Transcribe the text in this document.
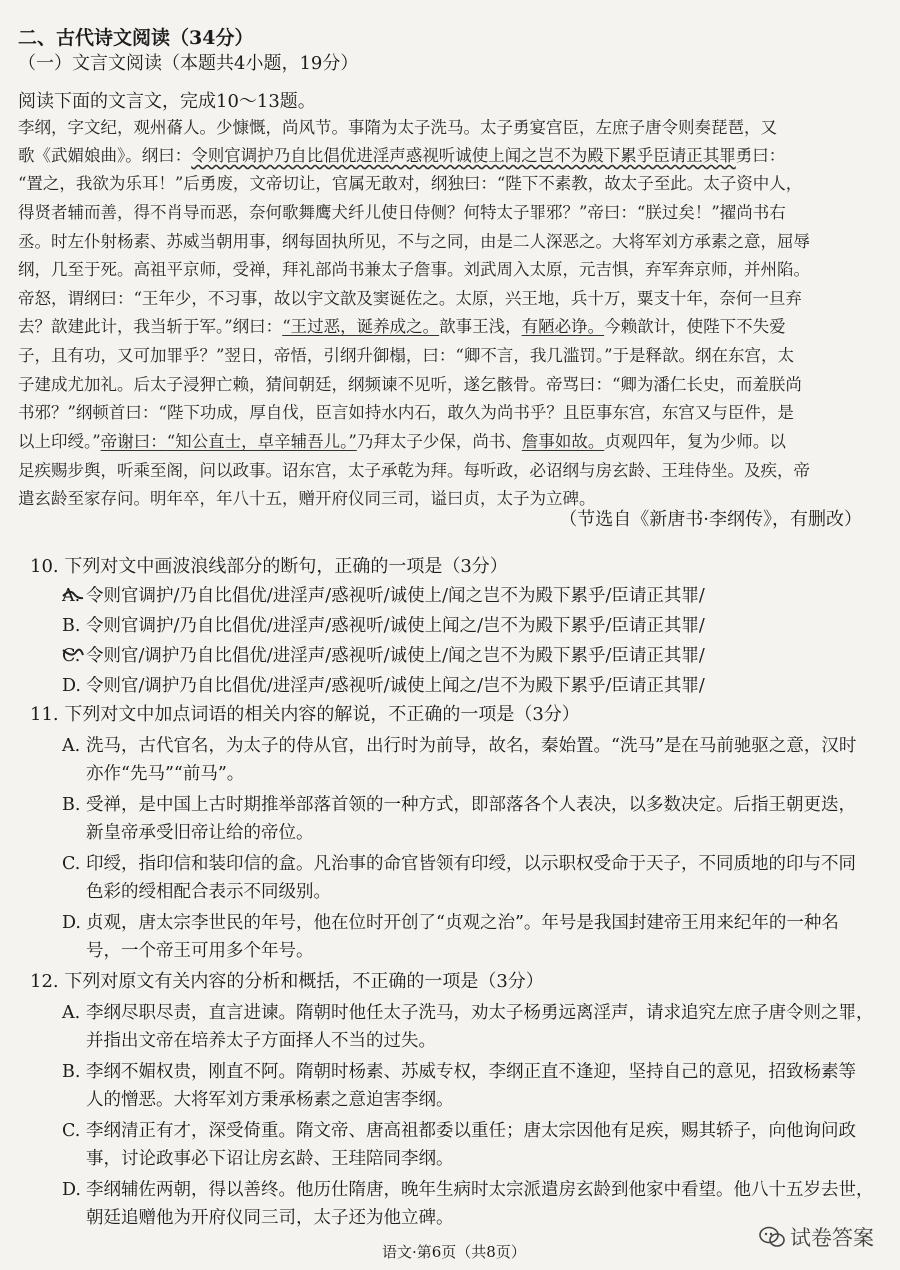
二、古代诗文阅读（34分）
（一）文言文阅读（本题共4小题，19分）
阅读下面的文言文，完成10～13题。
李纲，字文纪，观州蓨人。少慷慨，尚风节。事隋为太子洗马。太子勇宴宫臣，左庶子唐令则奏琵琶，又
歌《武媚娘曲》。纲曰：令则官调护乃自比倡优进淫声惑视听诚使上闻之岂不为殿下累乎臣请正其罪勇曰：
“置之，我欲为乐耳！”后勇废，文帝切让，官属无敢对，纲独曰：“陛下不素教，故太子至此。太子资中人，
得贤者辅而善，得不肖导而恶，奈何歌舞鹰犬纤儿使日侍侧？何特太子罪邪？”帝曰：“朕过矣！”擢尚书右
丞。时左仆射杨素、苏威当朝用事，纲每固执所见，不与之同，由是二人深恶之。大将军刘方承素之意，屈辱
纲，几至于死。高祖平京师，受禅，拜礼部尚书兼太子詹事。刘武周入太原，元吉惧，弃军奔京师，并州陷。
帝怒，谓纲曰：“王年少，不习事，故以宇文歆及窦诞佐之。太原，兴王地，兵十万，粟支十年，奈何一旦弃
去？歆建此计，我当斩于军。”纲曰：“王过恶，诞养成之。歆事王浅，有陋必诤。今赖歆计，使陛下不失爱
子，且有功，又可加罪乎？”翌日，帝悟，引纲升御榻，曰：“卿不言，我几滥罚。”于是释歆。纲在东宫，太
子建成尤加礼。后太子浸狎亡赖，猜间朝廷，纲频谏不见听，遂乞骸骨。帝骂曰：“卿为潘仁长史，而羞朕尚
书邪？”纲顿首曰：“陛下功成，厚自伐，臣言如持水内石，敢久为尚书乎？且臣事东宫，东宫又与臣件，是
以上印绶。”帝谢曰：“知公直士，卓辛辅吾儿。”乃拜太子少保，尚书、詹事如故。贞观四年，复为少师。以
足疾赐步舆，听乘至阁，问以政事。诏东宫，太子承乾为拜。每听政，必诏纲与房玄龄、王珪侍坐。及疾，帝
遣玄龄至家存问。明年卒，年八十五，赠开府仪同三司，谥曰贞，太子为立碑。
（节选自《新唐书·李纲传》，有删改）
10. 下列对文中画波浪线部分的断句，正确的一项是（3分）
A. 令则官调护/乃自比倡优/进淫声/惑视听/诚使上/闻之岂不为殿下累乎/臣请正其罪/
B. 令则官调护/乃自比倡优/进淫声/惑视听/诚使上闻之/岂不为殿下累乎/臣请正其罪/
C. 令则官/调护乃自比倡优/进淫声/惑视听/诚使上/闻之岂不为殿下累乎/臣请正其罪/
D. 令则官/调护乃自比倡优/进淫声/惑视听/诚使上闻之/岂不为殿下累乎/臣请正其罪/
11. 下列对文中加点词语的相关内容的解说，不正确的一项是（3分）
A. 洗马，古代官名，为太子的侍从官，出行时为前导，故名，秦始置。“洗马”是在马前驰驱之意，汉时
亦作“先马”“前马”。
B. 受禅，是中国上古时期推举部落首领的一种方式，即部落各个人表决，以多数决定。后指王朝更迭，
新皇帝承受旧帝让给的帝位。
C. 印绶，指印信和装印信的盒。凡治事的命官皆领有印绶，以示职权受命于天子，不同质地的印与不同
色彩的绶相配合表示不同级别。
D. 贞观，唐太宗李世民的年号，他在位时开创了“贞观之治”。年号是我国封建帝王用来纪年的一种名
号，一个帝王可用多个年号。
12. 下列对原文有关内容的分析和概括，不正确的一项是（3分）
A. 李纲尽职尽责，直言进谏。隋朝时他任太子洗马，劝太子杨勇远离淫声，请求追究左庶子唐令则之罪，
并指出文帝在培养太子方面择人不当的过失。
B. 李纲不媚权贵，刚直不阿。隋朝时杨素、苏威专权，李纲正直不逢迎，坚持自己的意见，招致杨素等
人的憎恶。大将军刘方秉承杨素之意迫害李纲。
C. 李纲清正有才，深受倚重。隋文帝、唐高祖都委以重任；唐太宗因他有足疾，赐其轿子，向他询问政
事，讨论政事必下诏让房玄龄、王珪陪同李纲。
D. 李纲辅佐两朝，得以善终。他历仕隋唐，晚年生病时太宗派遣房玄龄到他家中看望。他八十五岁去世，
朝廷追赠他为开府仪同三司，太子还为他立碑。
语文·第6页（共8页）
试卷答案
